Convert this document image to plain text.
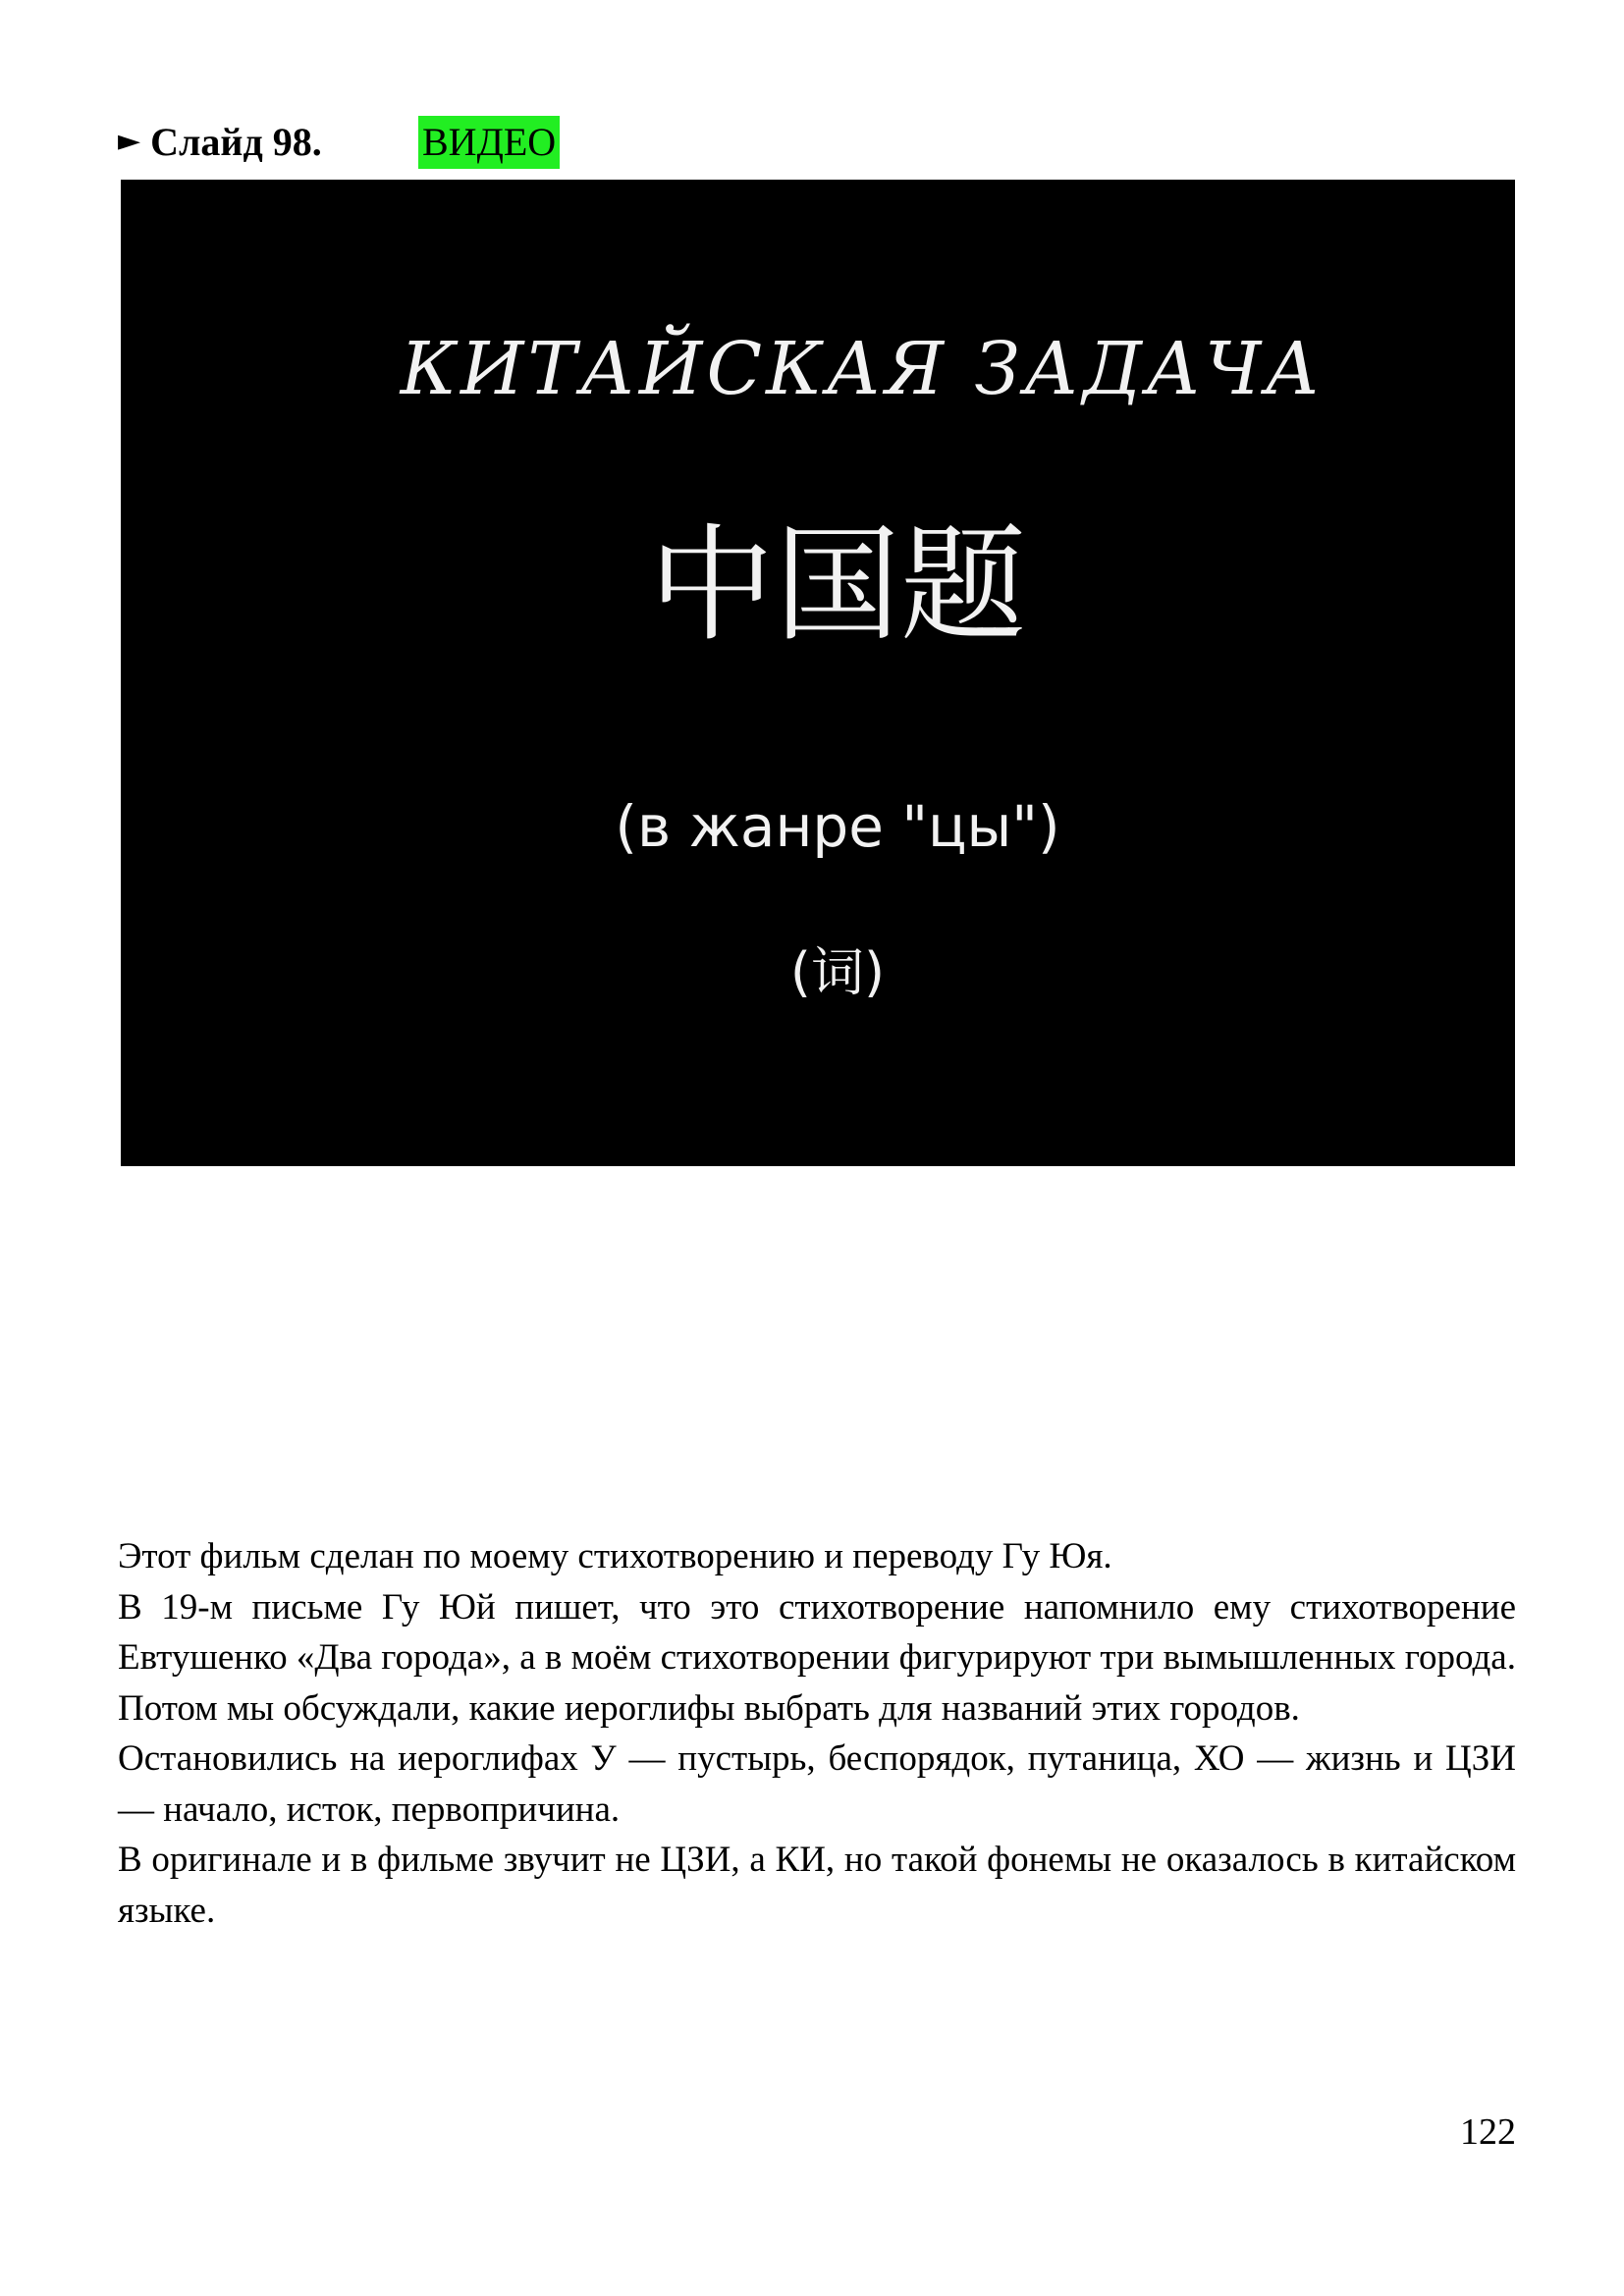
► Слайд 98.	ВИДЕО
КИТАЙСКАЯ ЗАДАЧА
中国题
(в жанре "цы")
(词)

Этот фильм сделан по моему стихотворению и переводу Гу Юя.

В 19-м письме Гу Юй пишет, что это стихотворение напомнило ему стихотворение Евтушенко «Два города», а в моём стихотворении фигурируют три вымышленных города.

Потом мы обсуждали, какие иероглифы выбрать для названий этих городов.

Остановились на иероглифах У — пустырь, беспорядок, путаница, ХО — жизнь и ЦЗИ — начало, исток, первопричина.

В оригинале и в фильме звучит не ЦЗИ, а КИ, но такой фонемы не оказалось в китайском языке.

122
